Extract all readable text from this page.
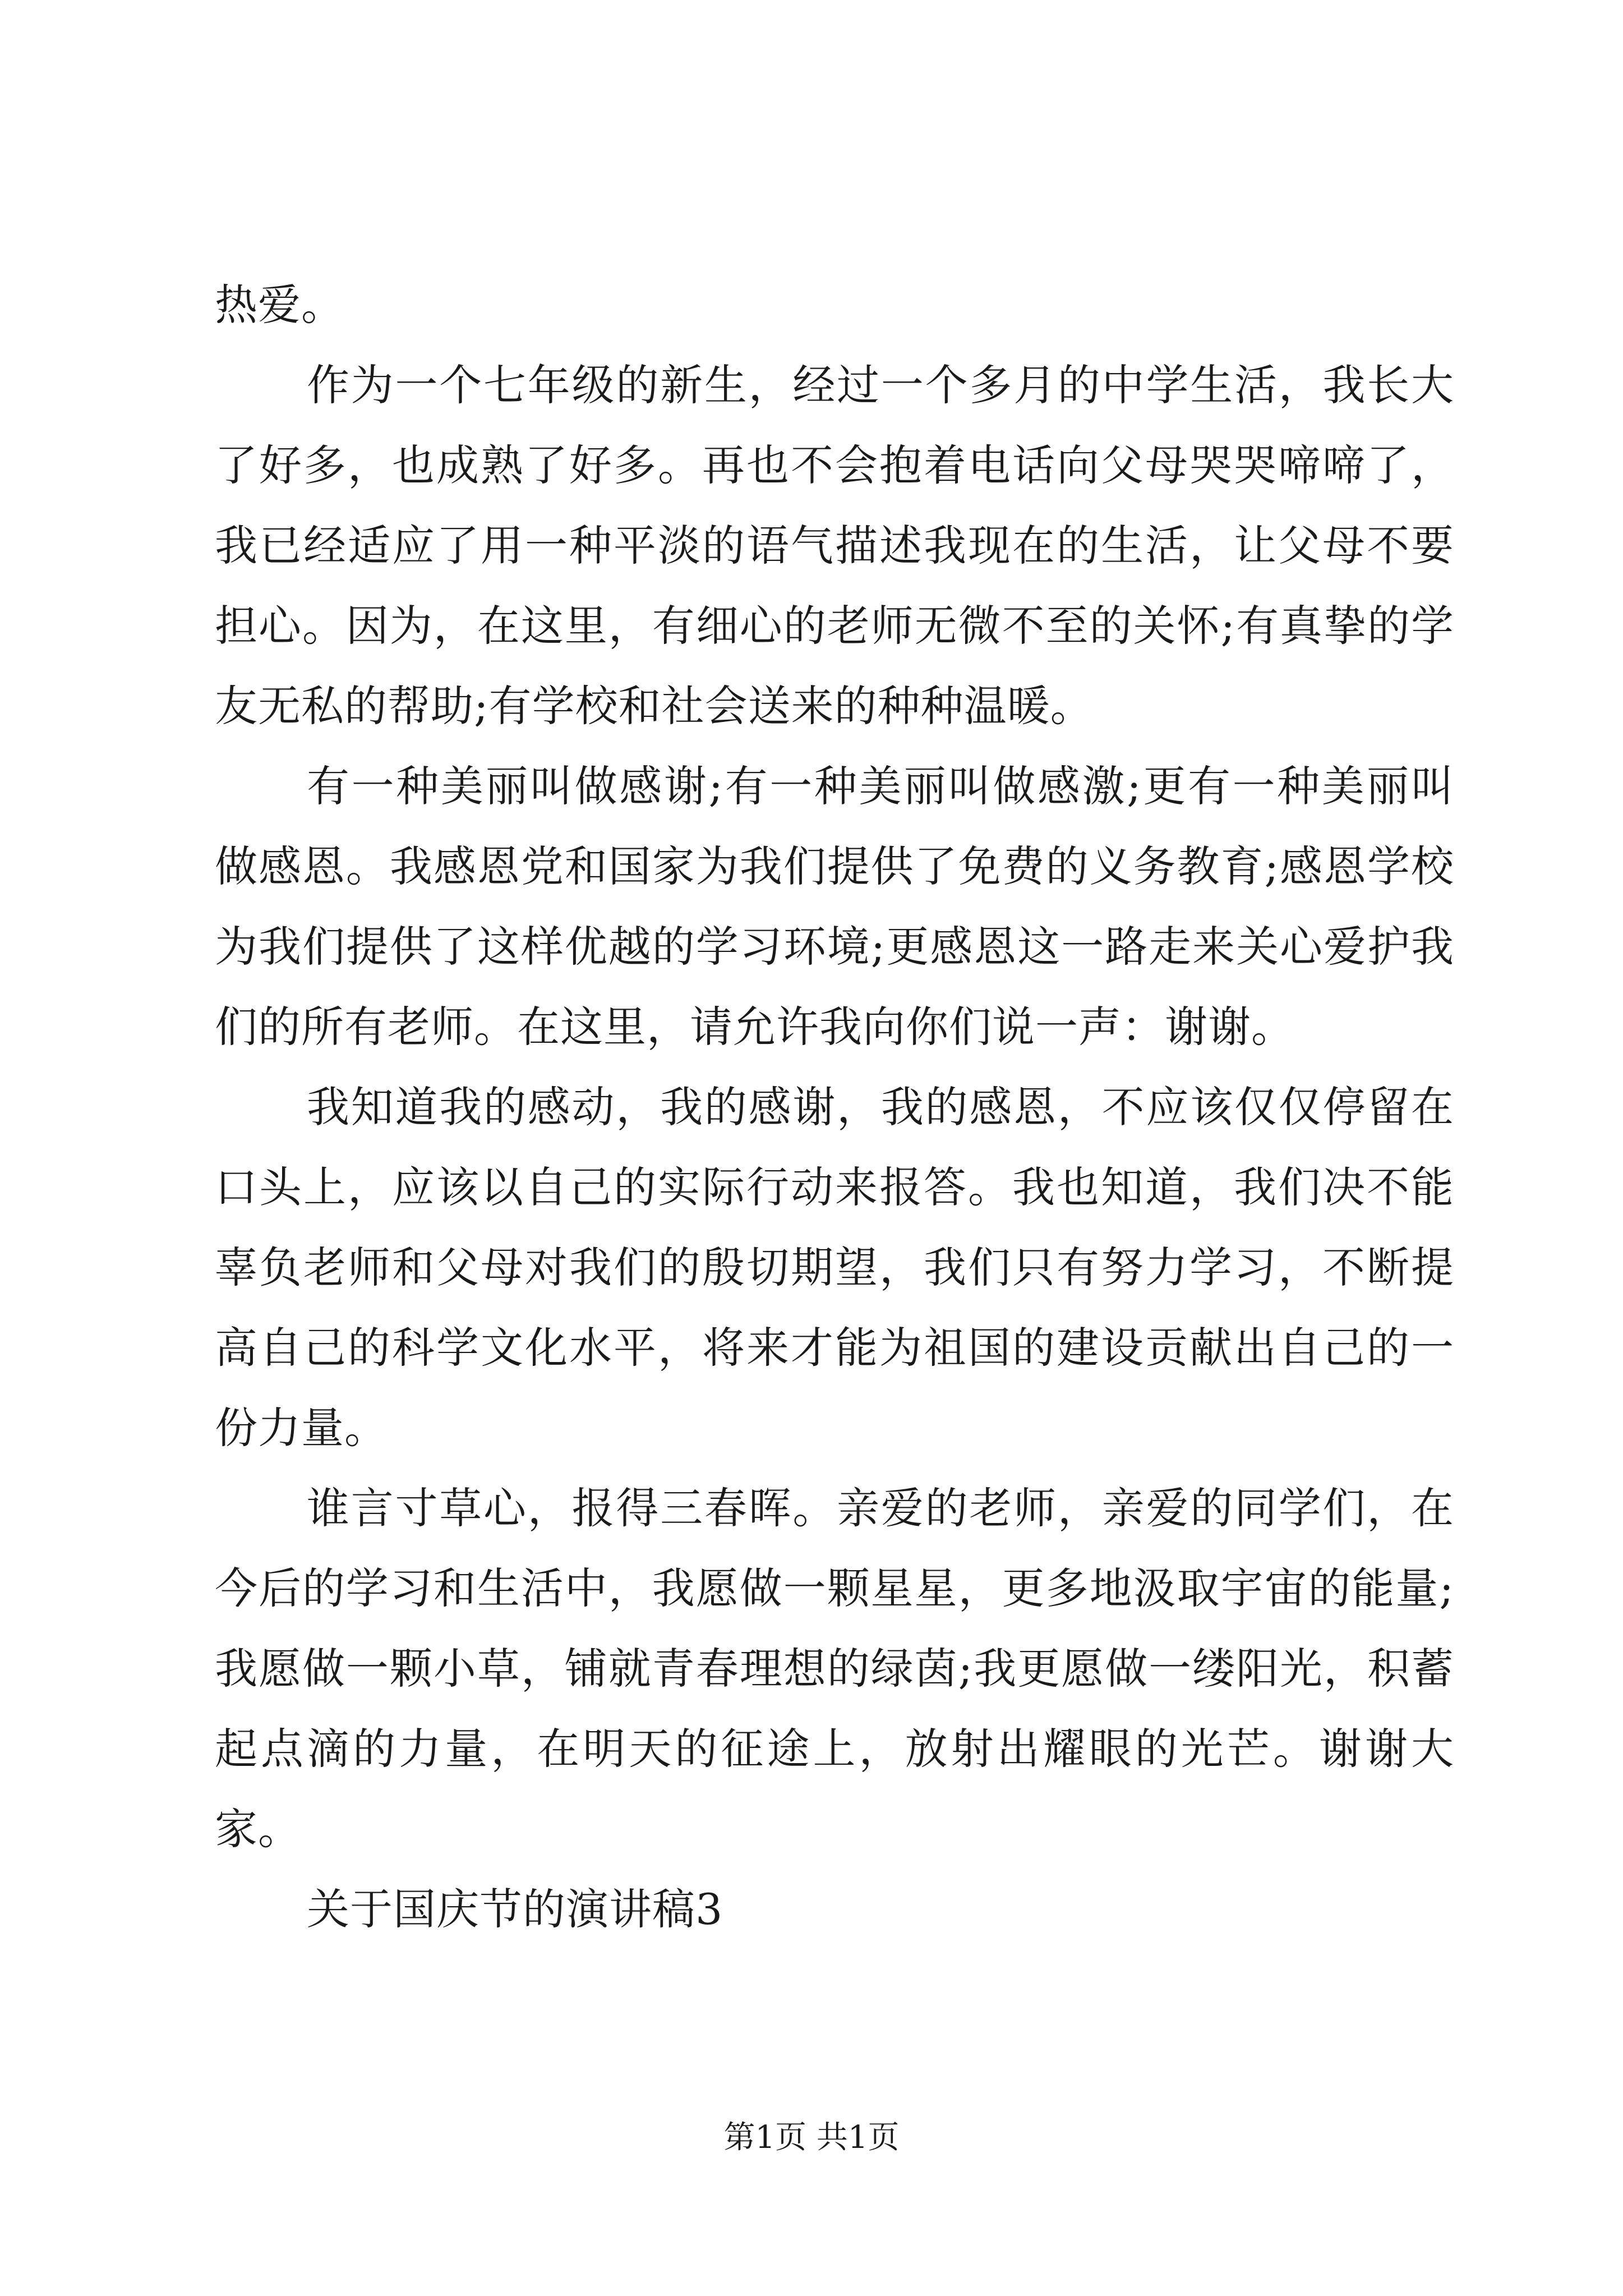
热爱。

作为一个七年级的新生，经过一个多月的中学生活，我长大了好多，也成熟了好多。再也不会抱着电话向父母哭哭啼啼了，我已经适应了用一种平淡的语气描述我现在的生活，让父母不要担心。因为，在这里，有细心的老师无微不至的关怀;有真挚的学友无私的帮助;有学校和社会送来的种种温暖。

有一种美丽叫做感谢;有一种美丽叫做感激;更有一种美丽叫做感恩。我感恩党和国家为我们提供了免费的义务教育;感恩学校为我们提供了这样优越的学习环境;更感恩这一路走来关心爱护我们的所有老师。在这里，请允许我向你们说一声：谢谢。

我知道我的感动，我的感谢，我的感恩，不应该仅仅停留在口头上，应该以自己的实际行动来报答。我也知道，我们决不能辜负老师和父母对我们的殷切期望，我们只有努力学习，不断提高自己的科学文化水平，将来才能为祖国的建设贡献出自己的一份力量。

谁言寸草心，报得三春晖。亲爱的老师，亲爱的同学们，在今后的学习和生活中，我愿做一颗星星，更多地汲取宇宙的能量;我愿做一颗小草，铺就青春理想的绿茵;我更愿做一缕阳光，积蓄起点滴的力量，在明天的征途上，放射出耀眼的光芒。谢谢大家。

关于国庆节的演讲稿3

第1页 共1页
